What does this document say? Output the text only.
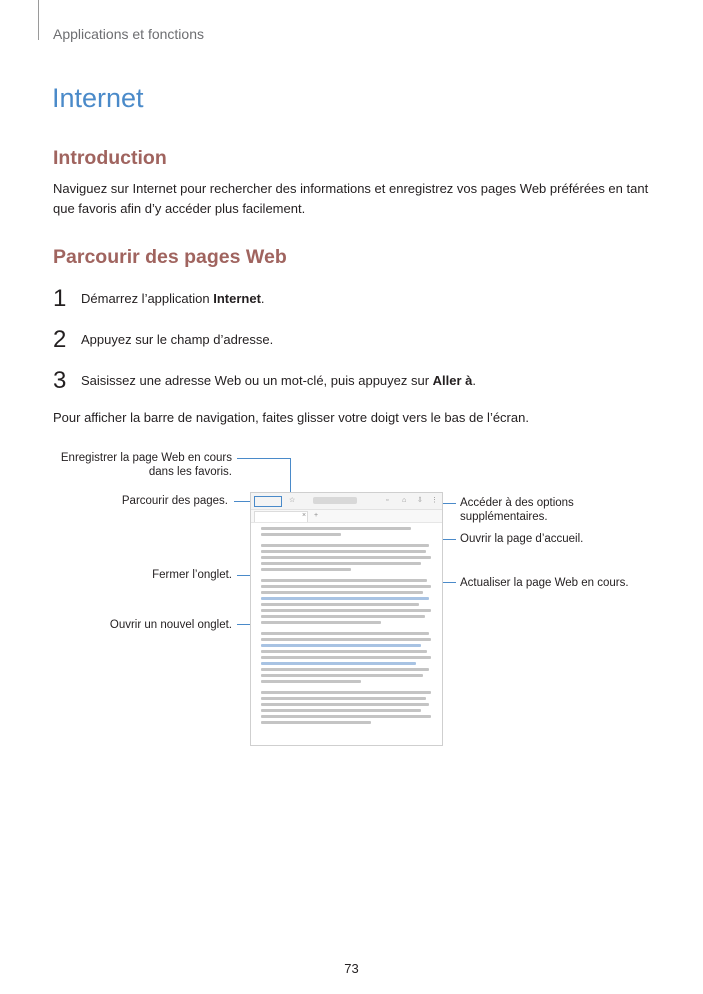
Applications et fonctions
Internet
Introduction
Naviguez sur Internet pour rechercher des informations et enregistrez vos pages Web préférées en tant que favoris afin d’y accéder plus facilement.
Parcourir des pages Web
1 Démarrez l’application Internet.
2 Appuyez sur le champ d’adresse.
3 Saisissez une adresse Web ou un mot-clé, puis appuyez sur Aller à.
Pour afficher la barre de navigation, faites glisser votre doigt vers le bas de l’écran.
Enregistrer la page Web en cours
dans les favoris.
Parcourir des pages.
Fermer l’onglet.
Ouvrir un nouvel onglet.
Accéder à des options
supplémentaires.
Ouvrir la page d’accueil.
Actualiser la page Web en cours.
☆	▫ ⌂ ⇩ ⋮
× +
73
